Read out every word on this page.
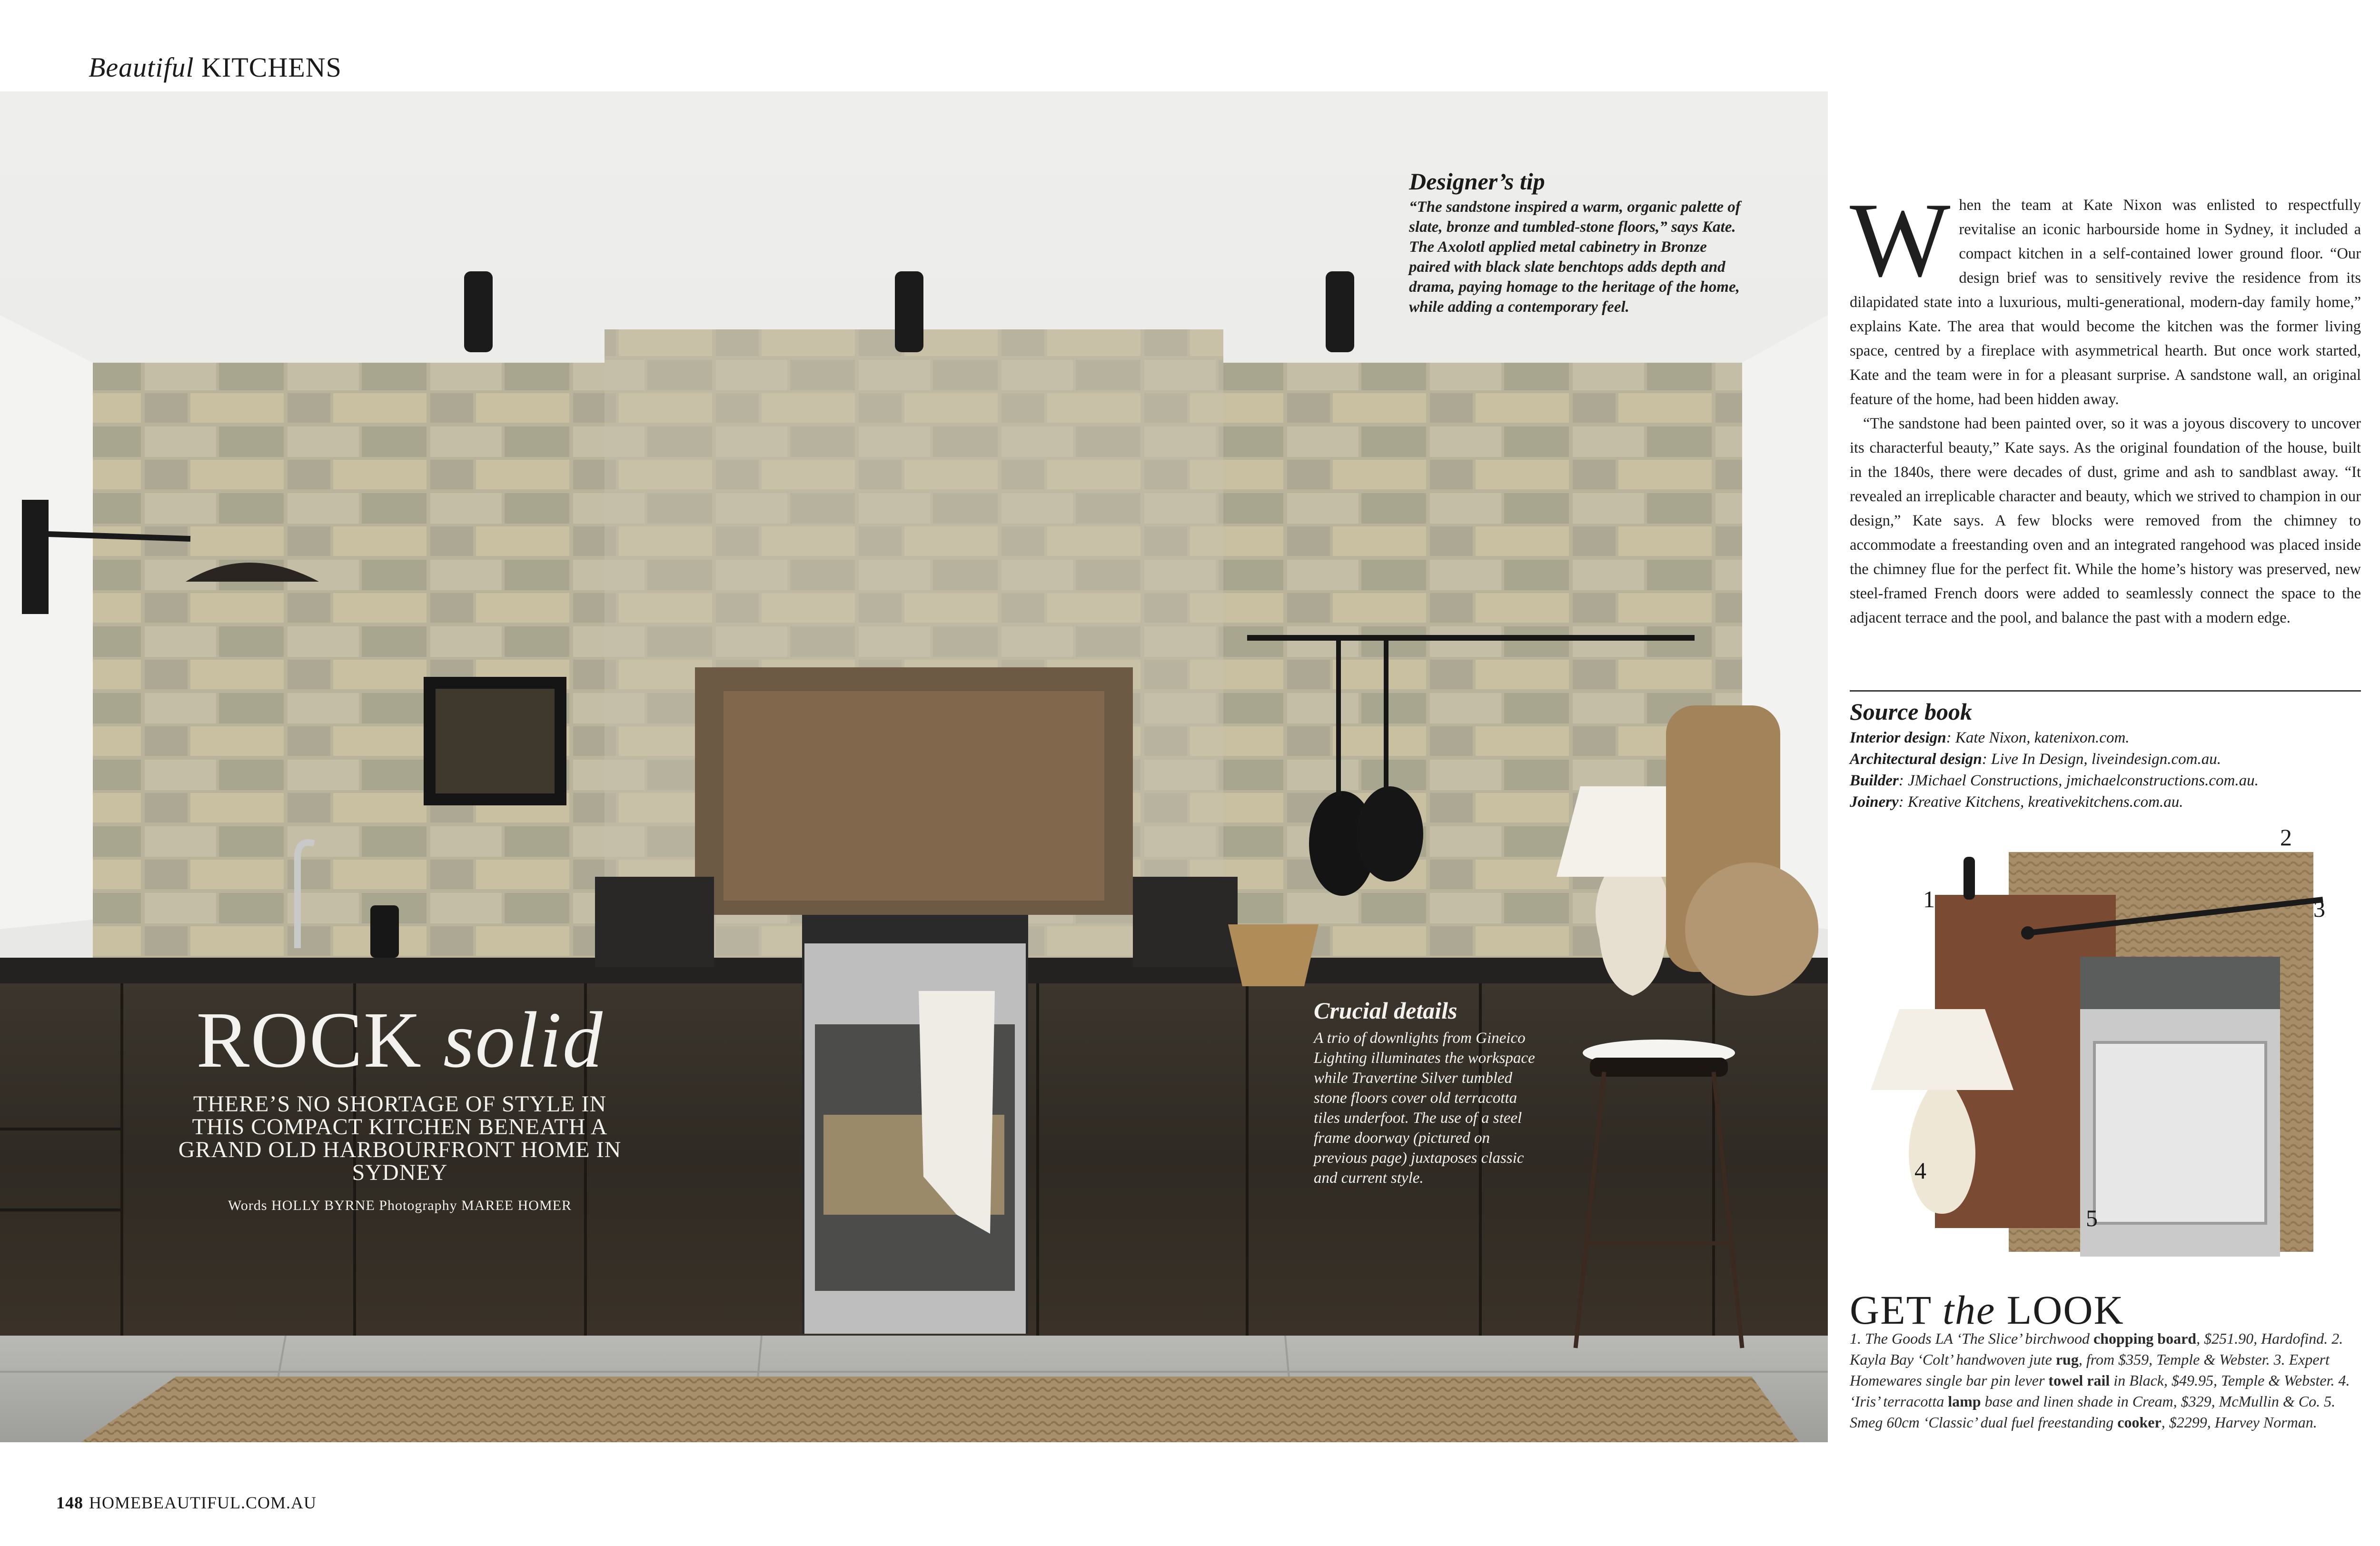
Beautiful KITCHENS
Designer’s tip
“The sandstone inspired a warm, organic palette of slate, bronze and tumbled-stone floors,” says Kate. The Axolotl applied metal cabinetry in Bronze paired with black slate benchtops adds depth and drama, paying homage to the heritage of the home, while adding a contemporary feel.
ROCK solid
THERE’S NO SHORTAGE OF STYLE IN THIS COMPACT KITCHEN BENEATH A GRAND OLD HARBOURFRONT HOME IN SYDNEY
Words HOLLY BYRNE Photography MAREE HOMER
Crucial details
A trio of downlights from Gineico Lighting illuminates the workspace while Travertine Silver tumbled stone floors cover old terracotta tiles underfoot. The use of a steel frame doorway (pictured on previous page) juxtaposes classic and current style.

When the team at Kate Nixon was enlisted to respectfully revitalise an iconic harbourside home in Sydney, it included a compact kitchen in a self-contained lower ground floor. “Our design brief was to sensitively revive the residence from its dilapidated state into a luxurious, multi-generational, modern-day family home,” explains Kate. The area that would become the kitchen was the former living space, centred by a fireplace with asymmetrical hearth. But once work started, Kate and the team were in for a pleasant surprise. A sandstone wall, an original feature of the home, had been hidden away.

“The sandstone had been painted over, so it was a joyous discovery to uncover its characterful beauty,” Kate says. As the original foundation of the house, built in the 1840s, there were decades of dust, grime and ash to sandblast away. “It revealed an irreplicable character and beauty, which we strived to champion in our design,” Kate says. A few blocks were removed from the chimney to accommodate a freestanding oven and an integrated rangehood was placed inside the chimney flue for the perfect fit. While the home’s history was preserved, new steel-framed French doors were added to seamlessly connect the space to the adjacent terrace and the pool, and balance the past with a modern edge.

Source book
Interior design: Kate Nixon, katenixon.com.
Architectural design: Live In Design, liveindesign.com.au.
Builder: JMichael Constructions, jmichaelconstructions.com.au.
Joinery: Kreative Kitchens, kreativekitchens.com.au.
1
2
3
4
5
GET the LOOK
1. The Goods LA ‘The Slice’ birchwood chopping board, $251.90, Hardofind. 2. Kayla Bay ‘Colt’ handwoven jute rug, from $359, Temple & Webster. 3. Expert Homewares single bar pin lever towel rail in Black, $49.95, Temple & Webster. 4. ‘Iris’ terracotta lamp base and linen shade in Cream, $329, McMullin & Co. 5. Smeg 60cm ‘Classic’ dual fuel freestanding cooker, $2299, Harvey Norman.
148 HOMEBEAUTIFUL.COM.AU
